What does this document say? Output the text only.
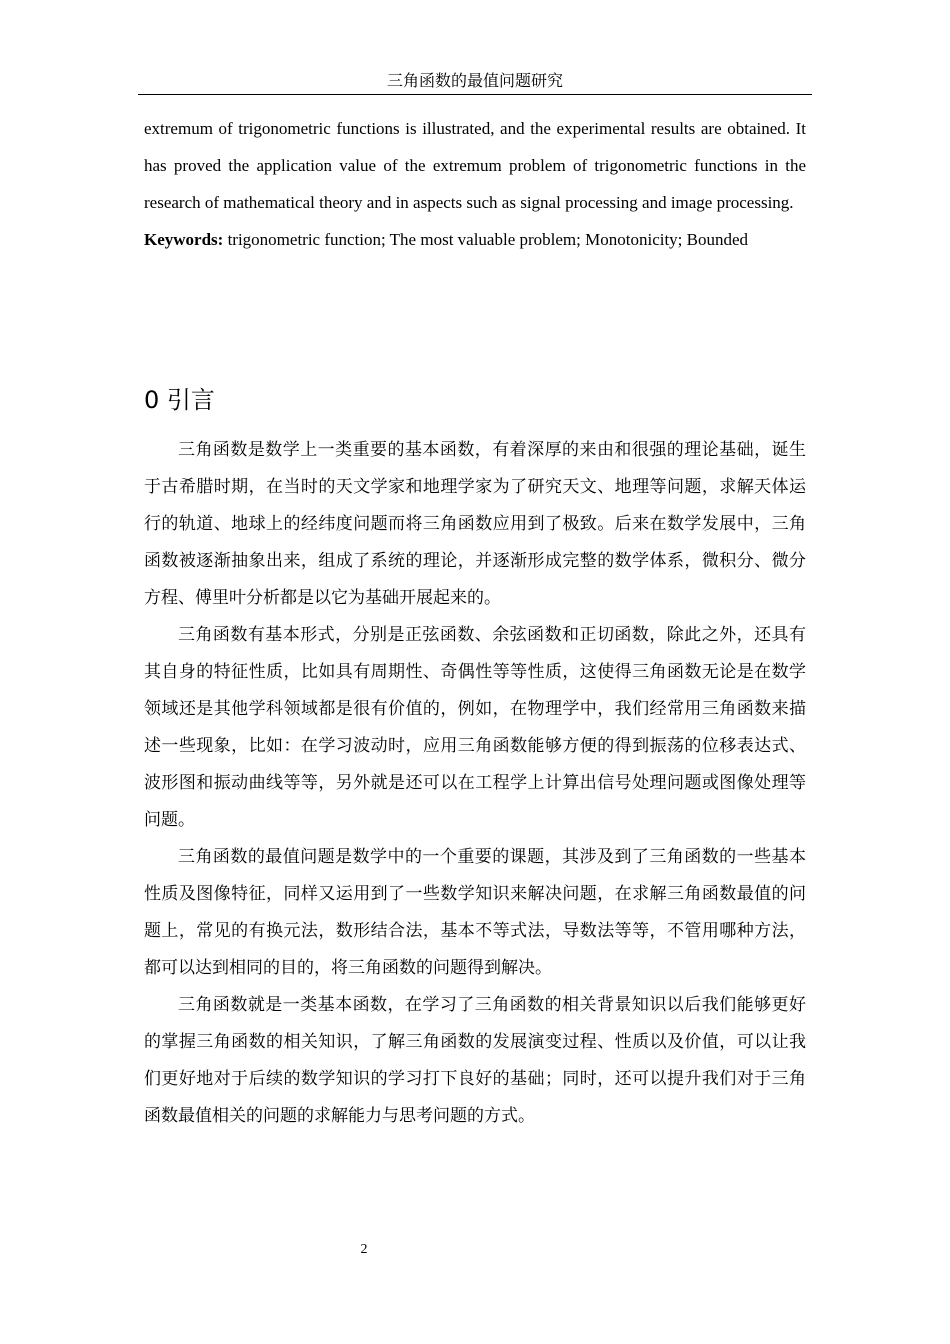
三角函数的最值问题研究

extremum of trigonometric functions is illustrated, and the experimental results are obtained. It has proved the application value of the extremum problem of trigonometric functions in the research of mathematical theory and in aspects such as signal processing and image processing.

Keywords: trigonometric function; The most valuable problem; Monotonicity; Bounded

0 引言

三角函数是数学上一类重要的基本函数，有着深厚的来由和很强的理论基础，诞生于古希腊时期，在当时的天文学家和地理学家为了研究天文、地理等问题，求解天体运行的轨道、地球上的经纬度问题而将三角函数应用到了极致。后来在数学发展中，三角函数被逐渐抽象出来，组成了系统的理论，并逐渐形成完整的数学体系，微积分、微分方程、傅里叶分析都是以它为基础开展起来的。

三角函数有基本形式，分别是正弦函数、余弦函数和正切函数，除此之外，还具有其自身的特征性质，比如具有周期性、奇偶性等等性质，这使得三角函数无论是在数学领域还是其他学科领域都是很有价值的，例如，在物理学中，我们经常用三角函数来描述一些现象，比如：在学习波动时，应用三角函数能够方便的得到振荡的位移表达式、波形图和振动曲线等等，另外就是还可以在工程学上计算出信号处理问题或图像处理等问题。

三角函数的最值问题是数学中的一个重要的课题，其涉及到了三角函数的一些基本性质及图像特征，同样又运用到了一些数学知识来解决问题，在求解三角函数最值的问题上，常见的有换元法，数形结合法，基本不等式法，导数法等等，不管用哪种方法，都可以达到相同的目的，将三角函数的问题得到解决。

三角函数就是一类基本函数，在学习了三角函数的相关背景知识以后我们能够更好的掌握三角函数的相关知识，了解三角函数的发展演变过程、性质以及价值，可以让我们更好地对于后续的数学知识的学习打下良好的基础；同时，还可以提升我们对于三角函数最值相关的问题的求解能力与思考问题的方式。

2
